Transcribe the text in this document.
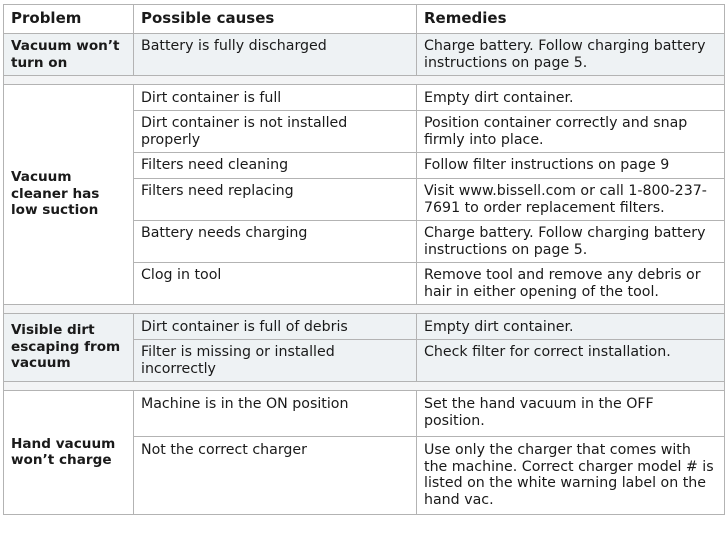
Problem	Possible causes	Remedies
Vacuum won’t turn on	Battery is fully discharged	Charge battery. Follow charging battery instructions on page 5.

Vacuum cleaner has low suction	Dirt container is full	Empty dirt container.
	Dirt container is not installed properly	Position container correctly and snap firmly into place.
	Filters need cleaning	Follow filter instructions on page 9
	Filters need replacing	Visit www.bissell.com or call 1-800-237-7691 to order replacement filters.
	Battery needs charging	Charge battery. Follow charging battery instructions on page 5.
	Clog in tool	Remove tool and remove any debris or hair in either opening of the tool.

Visible dirt escaping from vacuum	Dirt container is full of debris	Empty dirt container.
	Filter is missing or installed incorrectly	Check filter for correct installation.

Hand vacuum won’t charge	Machine is in the ON position	Set the hand vacuum in the OFF position.
	Not the correct charger	Use only the charger that comes with the machine. Correct charger model # is listed on the white warning label on the hand vac.
